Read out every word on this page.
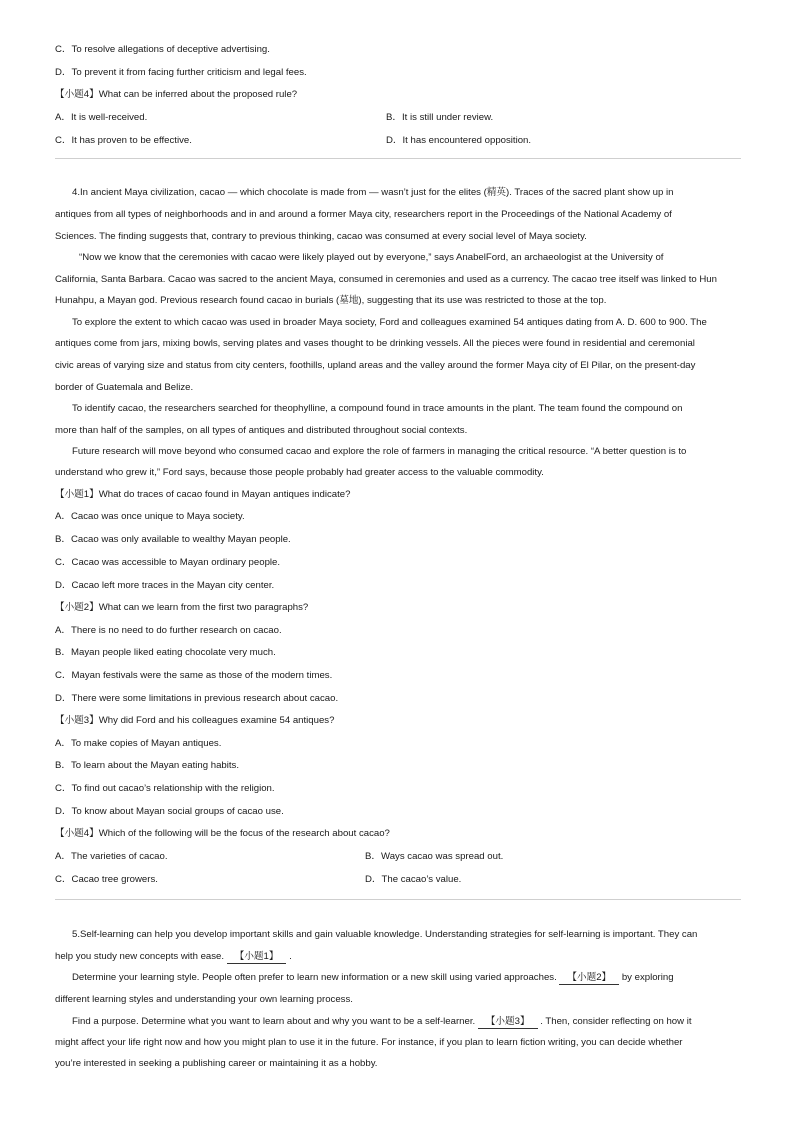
C．To resolve allegations of deceptive advertising.
D．To prevent it from facing further criticism and legal fees.
【小题4】What can be inferred about the proposed rule?
A．It is well-received.	B．It is still under review.
C．It has proven to be effective.	D．It has encountered opposition.
4.In ancient Maya civilization, cacao — which chocolate is made from — wasn’t just for the elites (精英). Traces of the sacred plant show up in
antiques from all types of neighborhoods and in and around a former Maya city, researchers report in the Proceedings of the National Academy of
Sciences. The finding suggests that, contrary to previous thinking, cacao was consumed at every social level of Maya society.
“Now we know that the ceremonies with cacao were likely played out by everyone,” says AnabelFord, an archaeologist at the University of
California, Santa Barbara. Cacao was sacred to the ancient Maya, consumed in ceremonies and used as a currency. The cacao tree itself was linked to Hun
Hunahpu, a Mayan god. Previous research found cacao in burials (墓地), suggesting that its use was restricted to those at the top.
To explore the extent to which cacao was used in broader Maya society, Ford and colleagues examined 54 antiques dating from A. D. 600 to 900. The
antiques come from jars, mixing bowls, serving plates and vases thought to be drinking vessels. All the pieces were found in residential and ceremonial
civic areas of varying size and status from city centers, foothills, upland areas and the valley around the former Maya city of El Pilar, on the present-day
border of Guatemala and Belize.
To identify cacao, the researchers searched for theophylline, a compound found in trace amounts in the plant. The team found the compound on
more than half of the samples, on all types of antiques and distributed throughout social contexts.
Future research will move beyond who consumed cacao and explore the role of farmers in managing the critical resource. “A better question is to
understand who grew it,” Ford says, because those people probably had greater access to the valuable commodity.
【小题1】What do traces of cacao found in Mayan antiques indicate?
A．Cacao was once unique to Maya society.
B．Cacao was only available to wealthy Mayan people.
C．Cacao was accessible to Mayan ordinary people.
D．Cacao left more traces in the Mayan city center.
【小题2】What can we learn from the first two paragraphs?
A．There is no need to do further research on cacao.
B．Mayan people liked eating chocolate very much.
C．Mayan festivals were the same as those of the modern times.
D．There were some limitations in previous research about cacao.
【小题3】Why did Ford and his colleagues examine 54 antiques?
A．To make copies of Mayan antiques.
B．To learn about the Mayan eating habits.
C．To find out cacao’s relationship with the religion.
D．To know about Mayan social groups of cacao use.
【小题4】Which of the following will be the focus of the research about cacao?
A．The varieties of cacao.	B．Ways cacao was spread out.
C．Cacao tree growers.	D．The cacao’s value.
5.Self-learning can help you develop important skills and gain valuable knowledge. Understanding strategies for self-learning is important. They can
help you study new concepts with ease. 【小题1】 .
Determine your learning style. People often prefer to learn new information or a new skill using varied approaches. 【小题2】 by exploring
different learning styles and understanding your own learning process.
Find a purpose. Determine what you want to learn about and why you want to be a self-learner. 【小题3】 . Then, consider reflecting on how it
might affect your life right now and how you might plan to use it in the future. For instance, if you plan to learn fiction writing, you can decide whether
you’re interested in seeking a publishing career or maintaining it as a hobby.
